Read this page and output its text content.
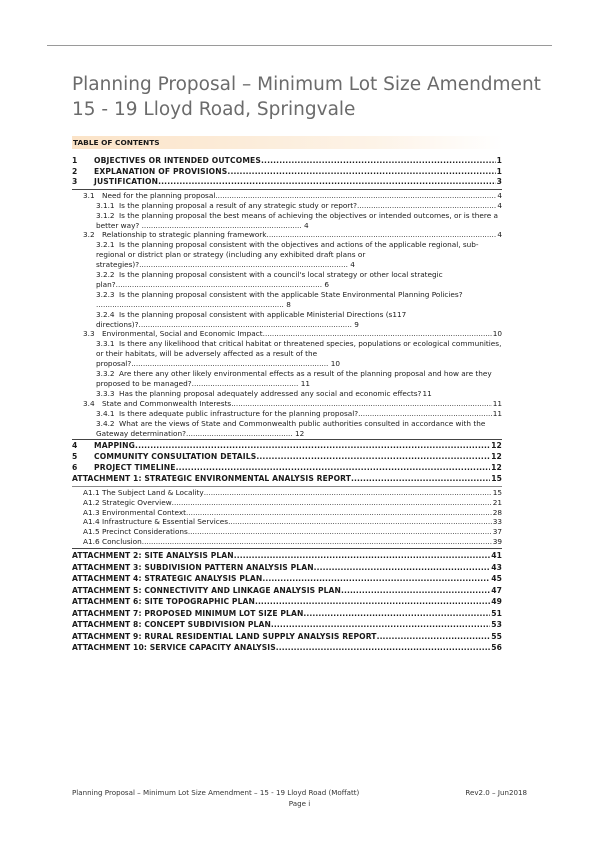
Planning Proposal – Minimum Lot Size Amendment
15 - 19 Lloyd Road, Springvale
TABLE OF CONTENTS
1	OBJECTIVES OR INTENDED OUTCOMES .....	1
2	EXPLANATION OF PROVISIONS .....	1
3	JUSTIFICATION .....	3
3.1	Need for the planning proposal .....	4
3.1.1 Is the planning proposal a result of any strategic study or report? .....	4
3.1.2 Is the planning proposal the best means of achieving the objectives or intended outcomes, or is there a better way? ..................................................................... 4
3.2	Relationship to strategic planning framework .....	4
3.2.1 Is the planning proposal consistent with the objectives and actions of the applicable regional, sub-regional or district plan or strategy (including any exhibited draft plans or strategies)?.......................................................................................... 4
3.2.2 Is the planning proposal consistent with a council's local strategy or other local strategic plan?......................................................................................... 6
3.2.3 Is the planning proposal consistent with the applicable State Environmental Planning Policies? ................................................................................. 8
3.2.4 Is the planning proposal consistent with applicable Ministerial Directions (s117 directions)?............................................................................................ 9
3.3	Environmental, Social and Economic Impact .....	10
3.3.1 Is there any likelihood that critical habitat or threatened species, populations or ecological communities, or their habitats, will be adversely affected as a result of the proposal?..................................................................................... 10
3.3.2 Are there any other likely environmental effects as a result of the planning proposal and how are they proposed to be managed?.............................................. 11
3.3.3 Has the planning proposal adequately addressed any social and economic effects? 11
3.4	State and Commonwealth Interests .....	11
3.4.1 Is there adequate public infrastructure for the planning proposal? .....	11
3.4.2 What are the views of State and Commonwealth public authorities consulted in accordance with the Gateway determination?.............................................. 12
4	MAPPING .....	12
5	COMMUNITY CONSULTATION DETAILS .....	12
6	PROJECT TIMELINE .....	12
ATTACHMENT 1: STRATEGIC ENVIRONMENTAL ANALYSIS REPORT .....	15
A1.1 The Subject Land & Locality .....	15
A1.2 Strategic Overview .....	21
A1.3 Environmental Context .....	28
A1.4 Infrastructure & Essential Services .....	33
A1.5 Precinct Considerations .....	37
A1.6 Conclusion .....	39
ATTACHMENT 2: SITE ANALYSIS PLAN .....	41
ATTACHMENT 3: SUBDIVISION PATTERN ANALYSIS PLAN .....	43
ATTACHMENT 4: STRATEGIC ANALYSIS PLAN .....	45
ATTACHMENT 5: CONNECTIVITY AND LINKAGE ANALYSIS PLAN .....	47
ATTACHMENT 6: SITE TOPOGRAPHIC PLAN .....	49
ATTACHMENT 7: PROPOSED MINIMUM LOT SIZE PLAN .....	51
ATTACHMENT 8: CONCEPT SUBDIVISION PLAN .....	53
ATTACHMENT 9: RURAL RESIDENTIAL LAND SUPPLY ANALYSIS REPORT .....	55
ATTACHMENT 10: SERVICE CAPACITY ANALYSIS .....	56
Planning Proposal – Minimum Lot Size Amendment – 15 - 19 Lloyd Road (Moffatt)	Rev2.0 – Jun2018
Page i
